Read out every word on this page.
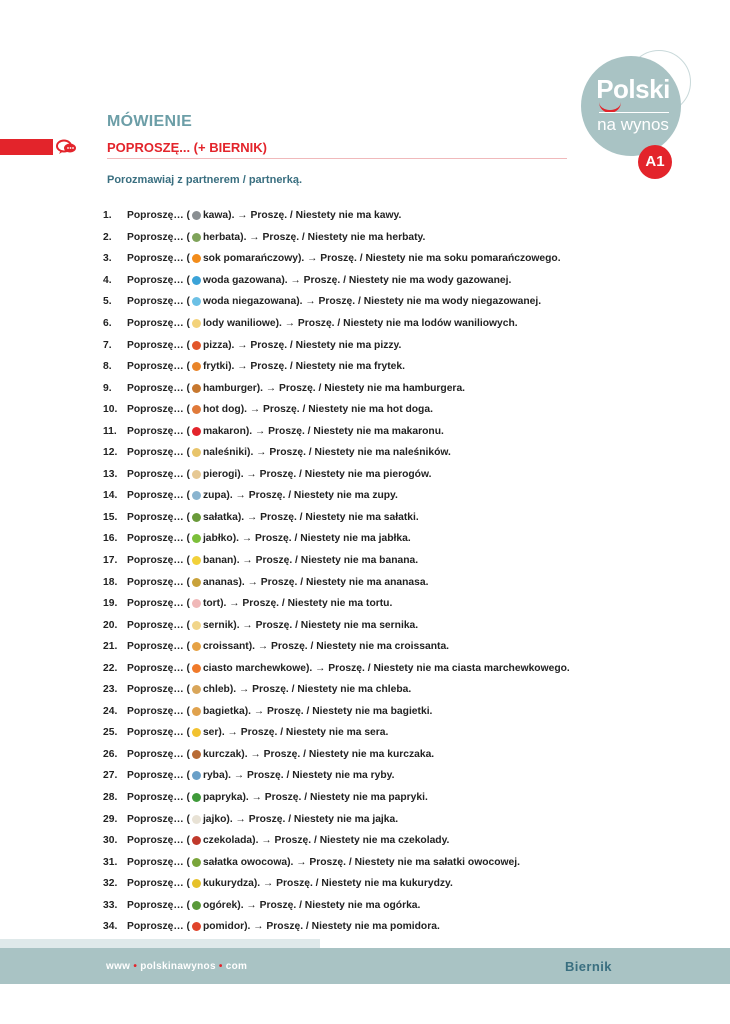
Polski
na wynos
A1
MÓWIENIE
POPROSZĘ... (+ BIERNIK)
Porozmawiaj z partnerem / partnerką.
1.	Poproszę… ( kawa ). → Proszę. / Niestety nie ma kawy.
2.	Poproszę… ( herbata ). → Proszę. / Niestety nie ma herbaty.
3.	Poproszę… ( sok pomarańczowy ). → Proszę. / Niestety nie ma soku pomarańczowego.
4.	Poproszę… ( woda gazowana ). → Proszę. / Niestety nie ma wody gazowanej.
5.	Poproszę… ( woda niegazowana ). → Proszę. / Niestety nie ma wody niegazowanej.
6.	Poproszę… ( lody waniliowe ). → Proszę. / Niestety nie ma lodów waniliowych.
7.	Poproszę… ( pizza ). → Proszę. / Niestety nie ma pizzy.
8.	Poproszę… ( frytki ). → Proszę. / Niestety nie ma frytek.
9.	Poproszę… ( hamburger ). → Proszę. / Niestety nie ma hamburgera.
10. Poproszę… ( hot dog ). → Proszę. / Niestety nie ma hot doga.
11. Poproszę… ( makaron ). → Proszę. / Niestety nie ma makaronu.
12. Poproszę… ( naleśniki ). → Proszę. / Niestety nie ma naleśników.
13. Poproszę… ( pierogi ). → Proszę. / Niestety nie ma pierogów.
14. Poproszę… ( zupa ). → Proszę. / Niestety nie ma zupy.
15. Poproszę… ( sałatka ). → Proszę. / Niestety nie ma sałatki.
16. Poproszę… ( jabłko ). → Proszę. / Niestety nie ma jabłka.
17. Poproszę… ( banan ). → Proszę. / Niestety nie ma banana.
18. Poproszę… ( ananas ). → Proszę. / Niestety nie ma ananasa.
19. Poproszę… ( tort ). → Proszę. / Niestety nie ma tortu.
20. Poproszę… ( sernik ). → Proszę. / Niestety nie ma sernika.
21. Poproszę… ( croissant ). → Proszę. / Niestety nie ma croissanta.
22. Poproszę… ( ciasto marchewkowe ). → Proszę. / Niestety nie ma ciasta marchewkowego.
23. Poproszę… ( chleb ). → Proszę. / Niestety nie ma chleba.
24. Poproszę… ( bagietka ). → Proszę. / Niestety nie ma bagietki.
25. Poproszę… ( ser ). → Proszę. / Niestety nie ma sera.
26. Poproszę… ( kurczak ). → Proszę. / Niestety nie ma kurczaka.
27. Poproszę… ( ryba ). → Proszę. / Niestety nie ma ryby.
28. Poproszę… ( papryka ). → Proszę. / Niestety nie ma papryki.
29. Poproszę… ( jajko ). → Proszę. / Niestety nie ma jajka.
30. Poproszę… ( czekolada ). → Proszę. / Niestety nie ma czekolady.
31. Poproszę… ( sałatka owocowa ). → Proszę. / Niestety nie ma sałatki owocowej.
32. Poproszę… ( kukurydza ). → Proszę. / Niestety nie ma kukurydzy.
33. Poproszę… ( ogórek ). → Proszę. / Niestety nie ma ogórka.
34. Poproszę… ( pomidor ). → Proszę. / Niestety nie ma pomidora.
www • polskinawynos • com	Biernik
